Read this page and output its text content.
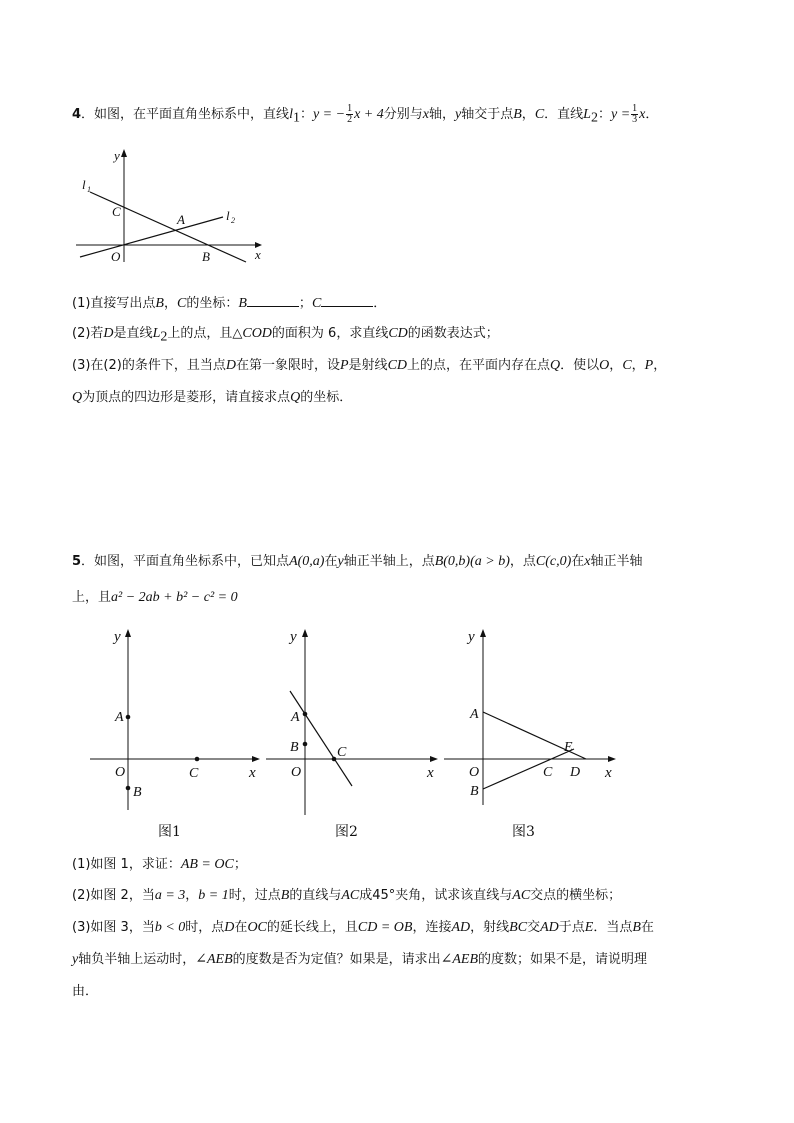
4．如图，在平面直角坐标系中，直线$l_1$：y = − $\frac{1}{2}$ x + 4分别与x轴，y轴交于点B，C．直线$L_2$：$y = \frac{1}{3}$ x．
y
x
l 1
l 2
C
A
O	B
(1)直接写出点B，C的坐标：B	；C	．
(2)若D是直线$L_2$上的点，且△COD的面积为 6，求直线CD的函数表达式；
(3)在(2)的条件下，且当点D在第一象限时，设P是射线CD上的点，在平面内存在点Q．使以O，C，P，
Q为顶点的四边形是菱形，请直接求点Q的坐标．
5．如图，平面直角坐标系中，已知点A(0,a)在y轴正半轴上，点B(0,b)(a > b)，点C(c,0)在x轴正半轴
上，且a² − 2ab + b² − c² = 0
y
x
A
O	C
B
图1
y
x
A
B	C
O
图2
y
x
A
O
B
C D
E
图3
(1)如图 1，求证：AB = OC；
(2)如图 2，当a = 3，b = 1时，过点B的直线与AC成45°夹角，试求该直线与AC交点的横坐标；
(3)如图 3，当b < 0时，点D在OC的延长线上，且CD = OB，连接AD，射线BC交AD于点E．当点B在
y轴负半轴上运动时，∠AEB的度数是否为定值？如果是，请求出∠AEB的度数；如果不是，请说明理
由．
